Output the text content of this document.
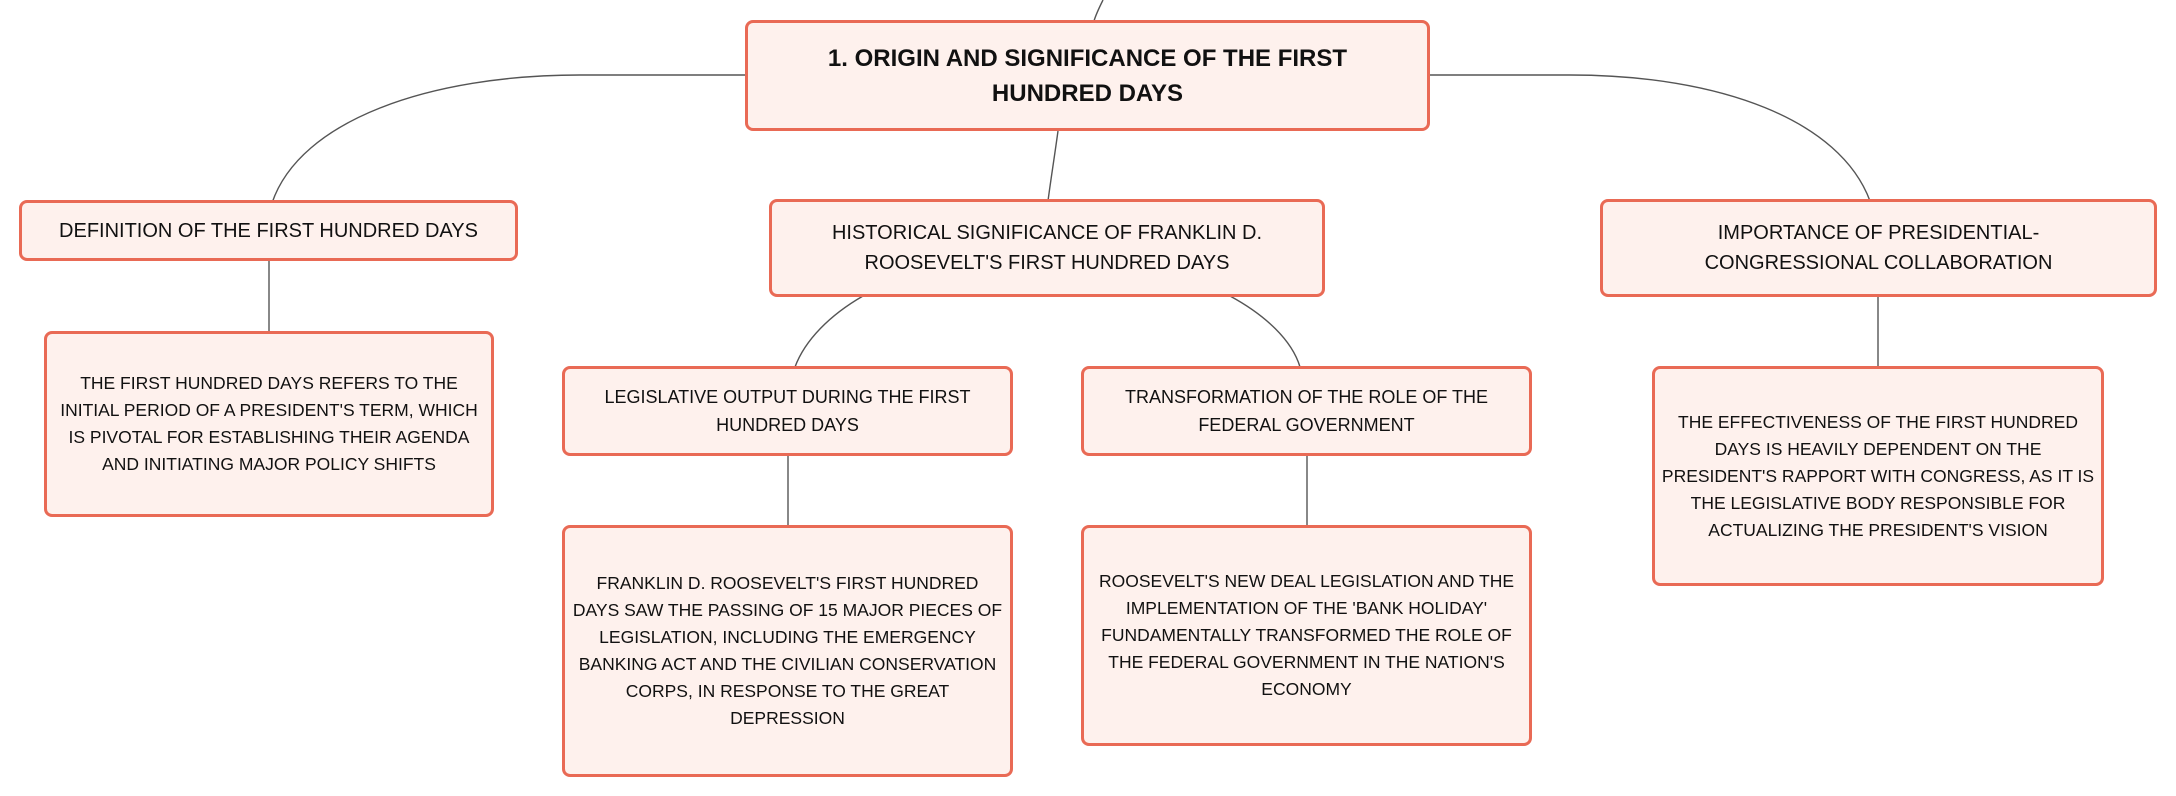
1. ORIGIN AND SIGNIFICANCE OF THE FIRST HUNDRED DAYS
DEFINITION OF THE FIRST HUNDRED DAYS
THE FIRST HUNDRED DAYS REFERS TO THE INITIAL PERIOD OF A PRESIDENT'S TERM, WHICH IS PIVOTAL FOR ESTABLISHING THEIR AGENDA AND INITIATING MAJOR POLICY SHIFTS
HISTORICAL SIGNIFICANCE OF FRANKLIN D. ROOSEVELT'S FIRST HUNDRED DAYS
LEGISLATIVE OUTPUT DURING THE FIRST HUNDRED DAYS
FRANKLIN D. ROOSEVELT'S FIRST HUNDRED DAYS SAW THE PASSING OF 15 MAJOR PIECES OF LEGISLATION, INCLUDING THE EMERGENCY BANKING ACT AND THE CIVILIAN CONSERVATION CORPS, IN RESPONSE TO THE GREAT DEPRESSION
TRANSFORMATION OF THE ROLE OF THE FEDERAL GOVERNMENT
ROOSEVELT'S NEW DEAL LEGISLATION AND THE IMPLEMENTATION OF THE 'BANK HOLIDAY' FUNDAMENTALLY TRANSFORMED THE ROLE OF THE FEDERAL GOVERNMENT IN THE NATION'S ECONOMY
IMPORTANCE OF PRESIDENTIAL-CONGRESSIONAL COLLABORATION
THE EFFECTIVENESS OF THE FIRST HUNDRED DAYS IS HEAVILY DEPENDENT ON THE PRESIDENT'S RAPPORT WITH CONGRESS, AS IT IS THE LEGISLATIVE BODY RESPONSIBLE FOR ACTUALIZING THE PRESIDENT'S VISION
